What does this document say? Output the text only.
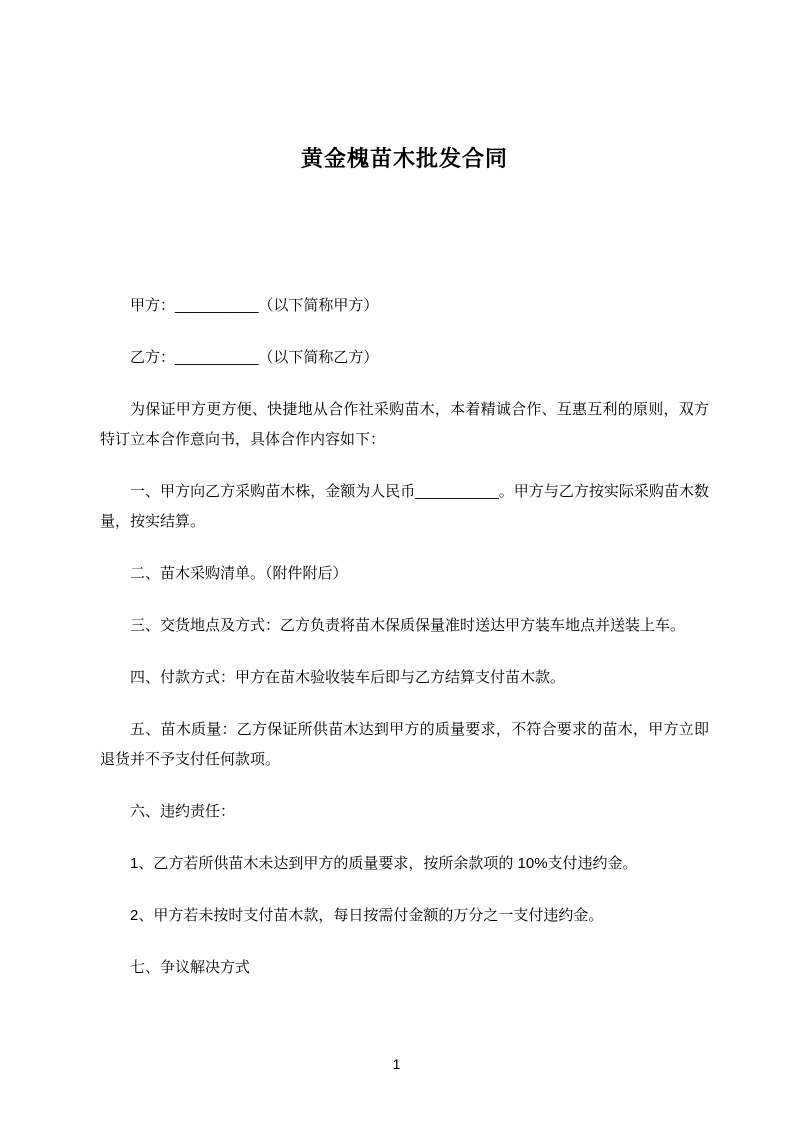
黄金槐苗木批发合同

甲方：__________（以下简称甲方）

乙方：__________（以下简称乙方）

为保证甲方更方便、快捷地从合作社采购苗木，本着精诚合作、互惠互利的原则，双方特订立本合作意向书，具体合作内容如下：

一、甲方向乙方采购苗木株，金额为人民币__________。甲方与乙方按实际采购苗木数量，按实结算。

二、苗木采购清单。（附件附后）

三、交货地点及方式：乙方负责将苗木保质保量准时送达甲方装车地点并送装上车。

四、付款方式：甲方在苗木验收装车后即与乙方结算支付苗木款。

五、苗木质量：乙方保证所供苗木达到甲方的质量要求，不符合要求的苗木，甲方立即退货并不予支付任何款项。

六、违约责任：

1、乙方若所供苗木未达到甲方的质量要求，按所余款项的 10%支付违约金。

2、甲方若未按时支付苗木款，每日按需付金额的万分之一支付违约金。

七、争议解决方式

1
